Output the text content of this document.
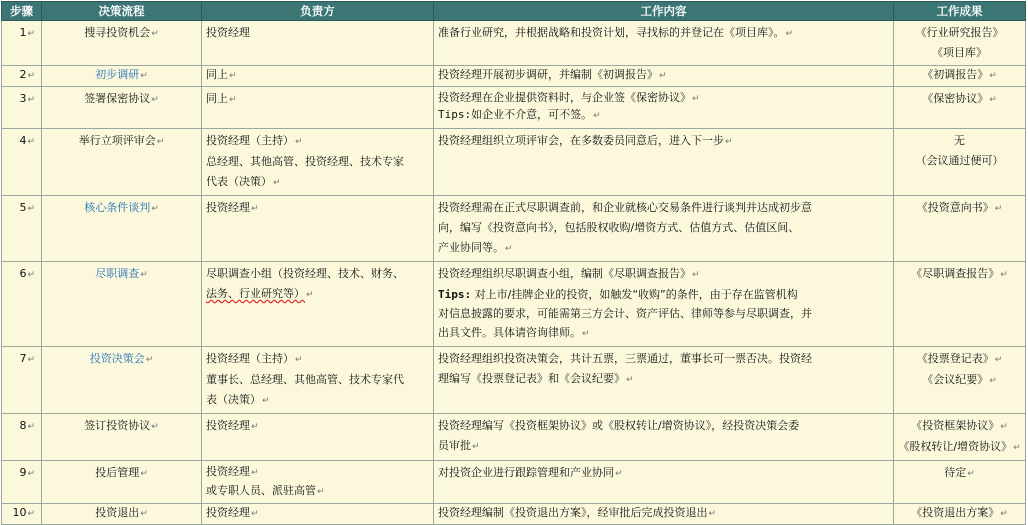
步骤	决策流程	负责方	工作内容	工作成果
1↵	搜寻投资机会↵	投资经理	准备行业研究，并根据战略和投资计划，寻找标的并登记在《项目库》。↵	《行业研究报告》
《项目库》

2↵	初步调研↵	同上↵	投资经理开展初步调研，并编制《初调报告》↵	《初调报告》↵
3↵	签署保密协议↵	同上↵	投资经理在企业提供资料时，与企业签《保密协议》↵
Tips:如企业不介意，可不签。↵	《保密协议》↵
4↵	举行立项评审会↵	投资经理（主持）↵
总经理、其他高管、投资经理、技术专家
代表（决策）↵	投资经理组织立项评审会，在多数委员同意后，进入下一步↵	无
（会议通过便可）

5↵	核心条件谈判↵	投资经理↵	投资经理需在正式尽职调查前，和企业就核心交易条件进行谈判并达成初步意
向，编写《投资意向书》，包括股权收购/增资方式、估值方式、估值区间、
产业协同等。↵	《投资意向书》↵
6↵	尽职调查↵	尽职调查小组（投资经理、技术、财务、
法务、行业研究等）↵	投资经理组织尽职调查小组，编制《尽职调查报告》↵
Tips: 对上市/挂牌企业的投资，如触发“收购”的条件，由于存在监管机构
对信息披露的要求，可能需第三方会计、资产评估、律师等参与尽职调查，并
出具文件。具体请咨询律师。↵	《尽职调查报告》↵
7↵	投资决策会↵	投资经理（主持）↵
董事长、总经理、其他高管、技术专家代
表（决策）↵	投资经理组织投资决策会，共计五票，三票通过，董事长可一票否决。投资经
理编写《投票登记表》和《会议纪要》↵	《投票登记表》↵
《会议纪要》↵

8↵	签订投资协议↵	投资经理↵	投资经理编写《投资框架协议》或《股权转让/增资协议》，经投资决策会委
员审批↵	《投资框架协议》↵
《股权转让/增资协议》↵

9↵	投后管理↵	投资经理↵
或专职人员、派驻高管↵	对投资企业进行跟踪管理和产业协同↵	待定↵
10↵	投资退出↵	投资经理↵	投资经理编制《投资退出方案》，经审批后完成投资退出↵	《投资退出方案》↵
